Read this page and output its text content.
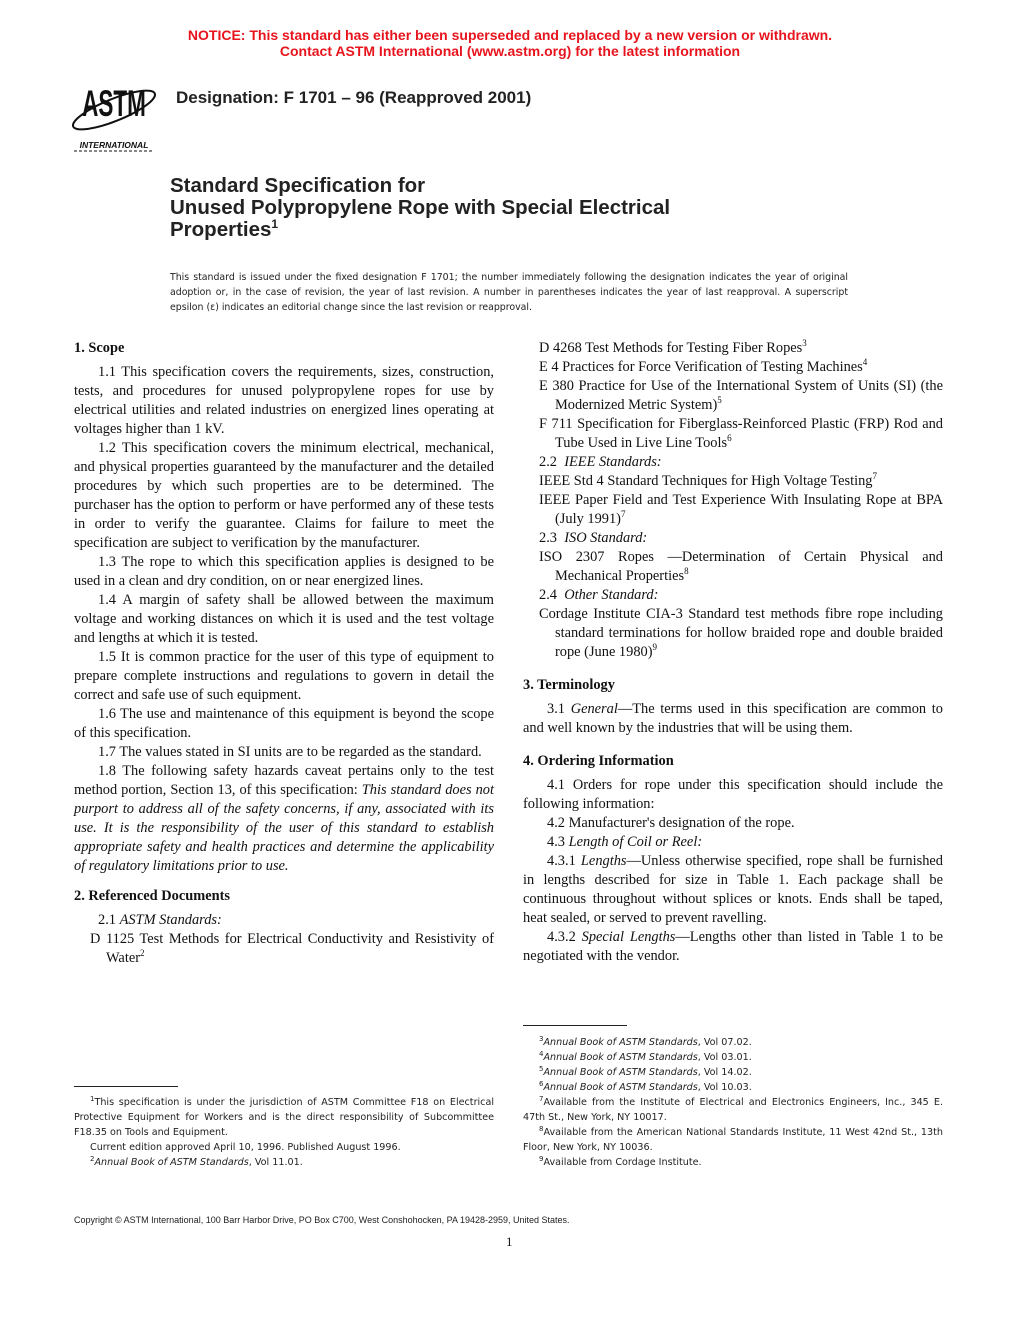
NOTICE: This standard has either been superseded and replaced by a new version or withdrawn.
Contact ASTM International (www.astm.org) for the latest information
ASTM
INTERNATIONAL
Designation: F 1701 – 96 (Reapproved 2001)
Standard Specification for
Unused Polypropylene Rope with Special Electrical
Properties$^1$
This standard is issued under the fixed designation F 1701; the number immediately following the designation indicates the year of original adoption or, in the case of revision, the year of last revision. A number in parentheses indicates the year of last reapproval. A superscript epsilon (ε) indicates an editorial change since the last revision or reapproval.
1. Scope

1.1 This specification covers the requirements, sizes, construction, tests, and procedures for unused polypropylene ropes for use by electrical utilities and related industries on energized lines operating at voltages higher than 1 kV.

1.2 This specification covers the minimum electrical, mechanical, and physical properties guaranteed by the manufacturer and the detailed procedures by which such properties are to be determined. The purchaser has the option to perform or have performed any of these tests in order to verify the guarantee. Claims for failure to meet the specification are subject to verification by the manufacturer.

1.3 The rope to which this specification applies is designed to be used in a clean and dry condition, on or near energized lines.

1.4 A margin of safety shall be allowed between the maximum voltage and working distances on which it is used and the test voltage and lengths at which it is tested.

1.5 It is common practice for the user of this type of equipment to prepare complete instructions and regulations to govern in detail the correct and safe use of such equipment.

1.6 The use and maintenance of this equipment is beyond the scope of this specification.

1.7 The values stated in SI units are to be regarded as the standard.

1.8 The following safety hazards caveat pertains only to the test method portion, Section 13, of this specification: This standard does not purport to address all of the safety concerns, if any, associated with its use. It is the responsibility of the user of this standard to establish appropriate safety and health practices and determine the applicability of regulatory limitations prior to use.

2. Referenced Documents

2.1 ASTM Standards:

D 1125 Test Methods for Electrical Conductivity and Resistivity of Water$^2$

D 4268 Test Methods for Testing Fiber Ropes$^3$

E 4 Practices for Force Verification of Testing Machines$^4$

E 380 Practice for Use of the International System of Units (SI) (the Modernized Metric System)$^5$

F 711 Specification for Fiberglass-Reinforced Plastic (FRP) Rod and Tube Used in Live Line Tools$^6$

2.2 IEEE Standards:

IEEE Std 4 Standard Techniques for High Voltage Testing$^7$

IEEE Paper Field and Test Experience With Insulating Rope at BPA (July 1991)$^7$

2.3 ISO Standard:

ISO 2307 Ropes —Determination of Certain Physical and Mechanical Properties$^8$

2.4 Other Standard:

Cordage Institute CIA-3 Standard test methods fibre rope including standard terminations for hollow braided rope and double braided rope (June 1980)$^9$

3. Terminology

3.1 General—The terms used in this specification are common to and well known by the industries that will be using them.

4. Ordering Information

4.1 Orders for rope under this specification should include the following information:

4.2 Manufacturer's designation of the rope.

4.3 Length of Coil or Reel:

4.3.1 Lengths—Unless otherwise specified, rope shall be furnished in lengths described for size in Table 1. Each package shall be continuous throughout without splices or knots. Ends shall be taped, heat sealed, or served to prevent ravelling.

4.3.2 Special Lengths—Lengths other than listed in Table 1 to be negotiated with the vendor.

$^1$This specification is under the jurisdiction of ASTM Committee F18 on Electrical Protective Equipment for Workers and is the direct responsibility of Subcommittee F18.35 on Tools and Equipment.

Current edition approved April 10, 1996. Published August 1996.

$^2$Annual Book of ASTM Standards, Vol 11.01.

$^3$Annual Book of ASTM Standards, Vol 07.02.

$^4$Annual Book of ASTM Standards, Vol 03.01.

$^5$Annual Book of ASTM Standards, Vol 14.02.

$^6$Annual Book of ASTM Standards, Vol 10.03.

$^7$Available from the Institute of Electrical and Electronics Engineers, Inc., 345 E. 47th St., New York, NY 10017.

$^8$Available from the American National Standards Institute, 11 West 42nd St., 13th Floor, New York, NY 10036.

$^9$Available from Cordage Institute.

Copyright © ASTM International, 100 Barr Harbor Drive, PO Box C700, West Conshohocken, PA 19428-2959, United States.
1
